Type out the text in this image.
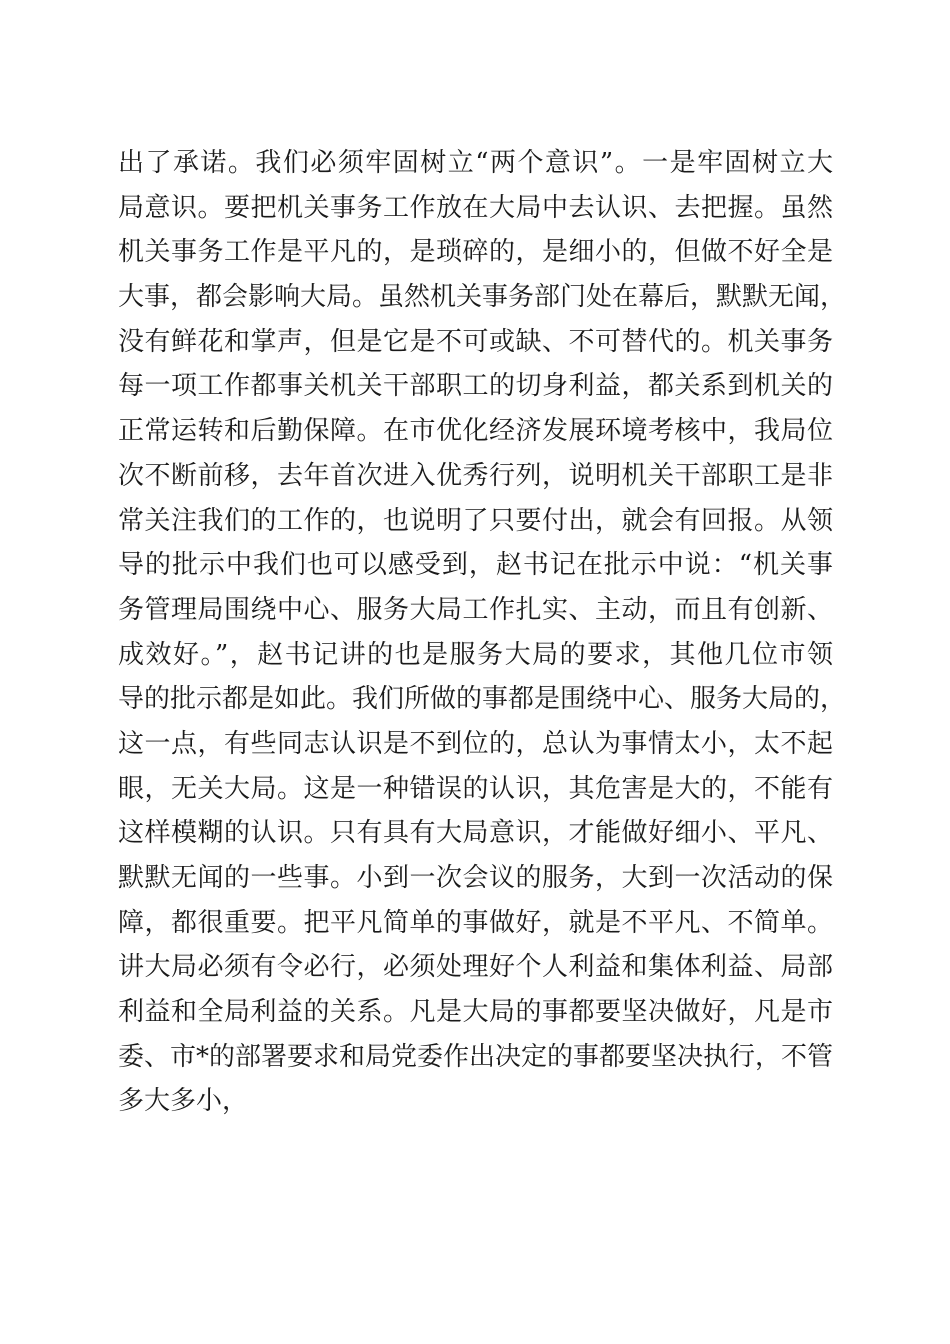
出了承诺。我们必须牢固树立“两个意识”。一是牢固树立大
局意识。要把机关事务工作放在大局中去认识、去把握。虽然
机关事务工作是平凡的，是琐碎的，是细小的，但做不好全是
大事，都会影响大局。虽然机关事务部门处在幕后，默默无闻，
没有鲜花和掌声，但是它是不可或缺、不可替代的。机关事务
每一项工作都事关机关干部职工的切身利益，都关系到机关的
正常运转和后勤保障。在市优化经济发展环境考核中，我局位
次不断前移，去年首次进入优秀行列，说明机关干部职工是非
常关注我们的工作的，也说明了只要付出，就会有回报。从领
导的批示中我们也可以感受到，赵书记在批示中说：“机关事
务管理局围绕中心、服务大局工作扎实、主动，而且有创新、
成效好。”，赵书记讲的也是服务大局的要求，其他几位市领
导的批示都是如此。我们所做的事都是围绕中心、服务大局的，
这一点，有些同志认识是不到位的，总认为事情太小，太不起
眼，无关大局。这是一种错误的认识，其危害是大的，不能有
这样模糊的认识。只有具有大局意识，才能做好细小、平凡、
默默无闻的一些事。小到一次会议的服务，大到一次活动的保
障，都很重要。把平凡简单的事做好，就是不平凡、不简单。
讲大局必须有令必行，必须处理好个人利益和集体利益、局部
利益和全局利益的关系。凡是大局的事都要坚决做好，凡是市
委、市*的部署要求和局党委作出决定的事都要坚决执行，不管
多大多小，
